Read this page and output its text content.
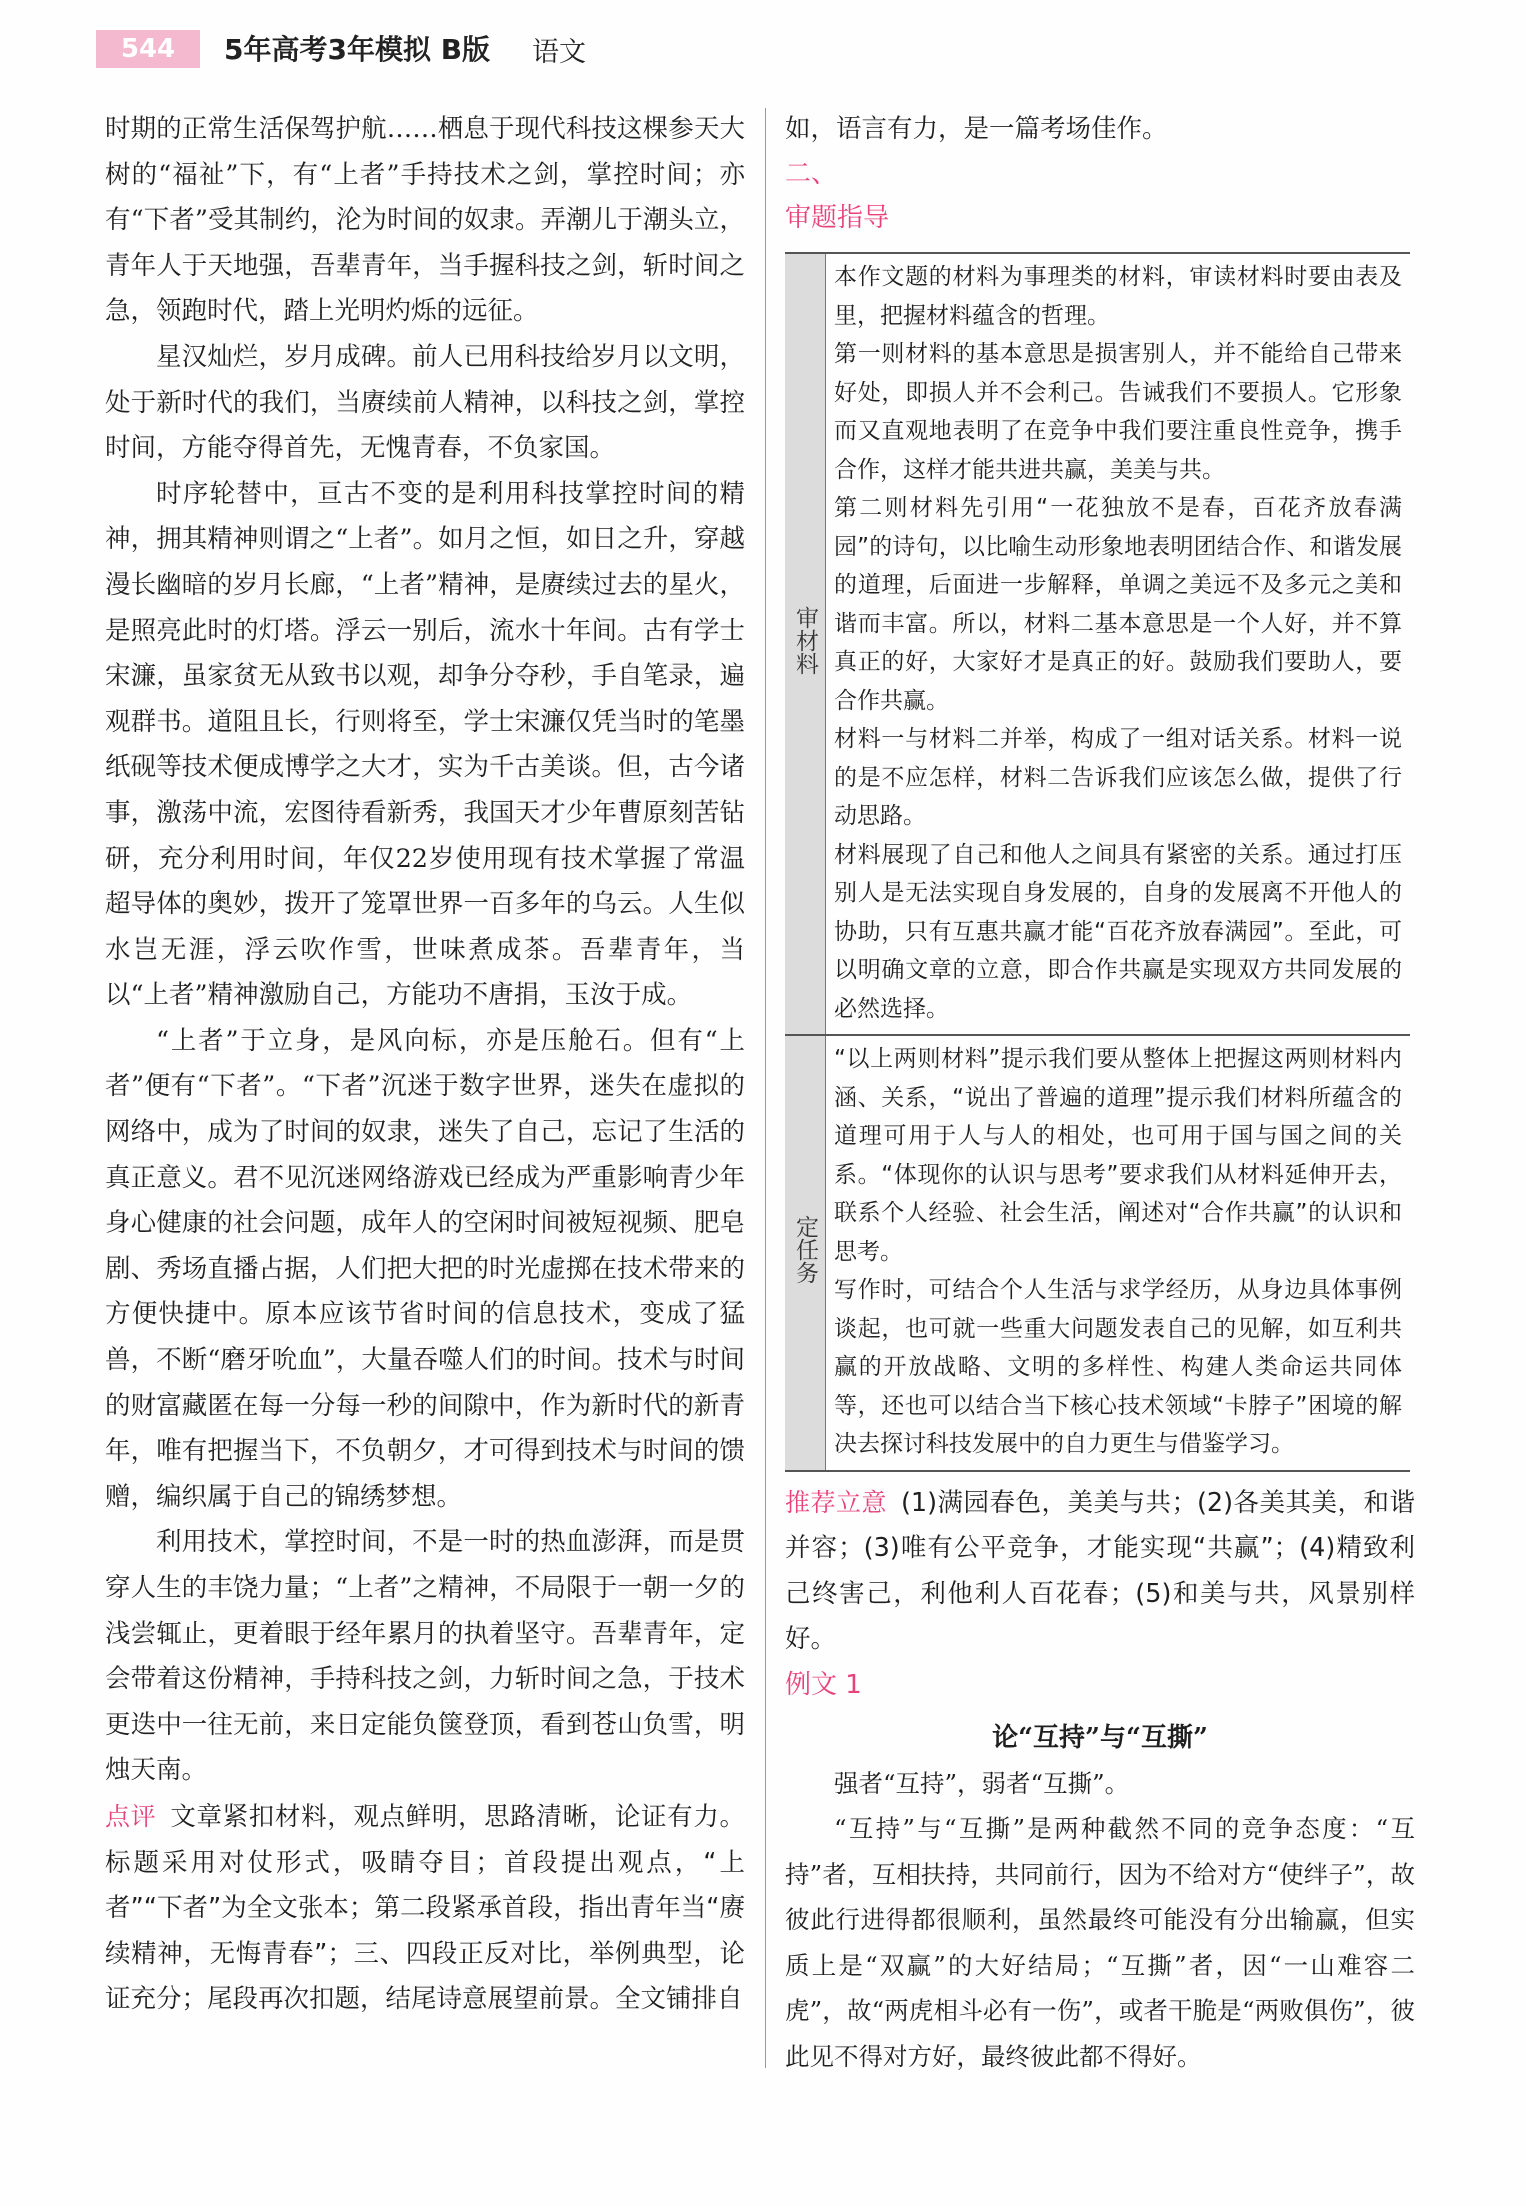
544	5年高考3年模拟 B版 语文

时期的正常生活保驾护航……栖息于现代科技这棵参天大树的“福祉”下，有“上者”手持技术之剑，掌控时间；亦有“下者”受其制约，沦为时间的奴隶。弄潮儿于潮头立，青年人于天地强，吾辈青年，当手握科技之剑，斩时间之急，领跑时代，踏上光明灼烁的远征。

星汉灿烂，岁月成碑。前人已用科技给岁月以文明，处于新时代的我们，当赓续前人精神，以科技之剑，掌控时间，方能夺得首先，无愧青春，不负家国。

时序轮替中，亘古不变的是利用科技掌控时间的精神，拥其精神则谓之“上者”。如月之恒，如日之升，穿越漫长幽暗的岁月长廊，“上者”精神，是赓续过去的星火，是照亮此时的灯塔。浮云一别后，流水十年间。古有学士宋濂，虽家贫无从致书以观，却争分夺秒，手自笔录，遍观群书。道阻且长，行则将至，学士宋濂仅凭当时的笔墨纸砚等技术便成博学之大才，实为千古美谈。但，古今诸事，激荡中流，宏图待看新秀，我国天才少年曹原刻苦钻研，充分利用时间，年仅22岁使用现有技术掌握了常温超导体的奥妙，拨开了笼罩世界一百多年的乌云。人生似水岂无涯，浮云吹作雪，世味煮成茶。吾辈青年，当以“上者”精神激励自己，方能功不唐捐，玉汝于成。

“上者”于立身，是风向标，亦是压舱石。但有“上者”便有“下者”。“下者”沉迷于数字世界，迷失在虚拟的网络中，成为了时间的奴隶，迷失了自己，忘记了生活的真正意义。君不见沉迷网络游戏已经成为严重影响青少年身心健康的社会问题，成年人的空闲时间被短视频、肥皂剧、秀场直播占据，人们把大把的时光虚掷在技术带来的方便快捷中。原本应该节省时间的信息技术，变成了猛兽，不断“磨牙吮血”，大量吞噬人们的时间。技术与时间的财富藏匿在每一分每一秒的间隙中，作为新时代的新青年，唯有把握当下，不负朝夕，才可得到技术与时间的馈赠，编织属于自己的锦绣梦想。

利用技术，掌控时间，不是一时的热血澎湃，而是贯穿人生的丰饶力量；“上者”之精神，不局限于一朝一夕的浅尝辄止，更着眼于经年累月的执着坚守。吾辈青年，定会带着这份精神，手持科技之剑，力斩时间之急，于技术更迭中一往无前，来日定能负箧登顶，看到苍山负雪，明烛天南。

点评 文章紧扣材料，观点鲜明，思路清晰，论证有力。标题采用对仗形式，吸睛夺目；首段提出观点，“上者”“下者”为全文张本；第二段紧承首段，指出青年当“赓续精神，无悔青春”；三、四段正反对比，举例典型，论证充分；尾段再次扣题，结尾诗意展望前景。全文铺排自

如，语言有力，是一篇考场佳作。

二、

审题指导

审材料	本作文题的材料为事理类的材料，审读材料时要由表及里，把握材料蕴含的哲理。

第一则材料的基本意思是损害别人，并不能给自己带来好处，即损人并不会利己。告诫我们不要损人。它形象而又直观地表明了在竞争中我们要注重良性竞争，携手合作，这样才能共进共赢，美美与共。

第二则材料先引用“一花独放不是春，百花齐放春满园”的诗句，以比喻生动形象地表明团结合作、和谐发展的道理，后面进一步解释，单调之美远不及多元之美和谐而丰富。所以，材料二基本意思是一个人好，并不算真正的好，大家好才是真正的好。鼓励我们要助人，要合作共赢。

材料一与材料二并举，构成了一组对话关系。材料一说的是不应怎样，材料二告诉我们应该怎么做，提供了行动思路。

材料展现了自己和他人之间具有紧密的关系。通过打压别人是无法实现自身发展的，自身的发展离不开他人的协助，只有互惠共赢才能“百花齐放春满园”。至此，可以明确文章的立意，即合作共赢是实现双方共同发展的必然选择。

定任务	“以上两则材料”提示我们要从整体上把握这两则材料内涵、关系，“说出了普遍的道理”提示我们材料所蕴含的道理可用于人与人的相处，也可用于国与国之间的关系。“体现你的认识与思考”要求我们从材料延伸开去，联系个人经验、社会生活，阐述对“合作共赢”的认识和思考。

写作时，可结合个人生活与求学经历，从身边具体事例谈起，也可就一些重大问题发表自己的见解，如互利共赢的开放战略、文明的多样性、构建人类命运共同体等，还也可以结合当下核心技术领域“卡脖子”困境的解决去探讨科技发展中的自力更生与借鉴学习。

推荐立意 (1)满园春色，美美与共；(2)各美其美，和谐并容；(3)唯有公平竞争，才能实现“共赢”；(4)精致利己终害己，利他利人百花春；(5)和美与共，风景别样好。

例文 1

论“互持”与“互撕”

强者“互持”，弱者“互撕”。

“互持”与“互撕”是两种截然不同的竞争态度：“互持”者，互相扶持，共同前行，因为不给对方“使绊子”，故彼此行进得都很顺利，虽然最终可能没有分出输赢，但实质上是“双赢”的大好结局；“互撕”者，因“一山难容二虎”，故“两虎相斗必有一伤”，或者干脆是“两败俱伤”，彼此见不得对方好，最终彼此都不得好。
